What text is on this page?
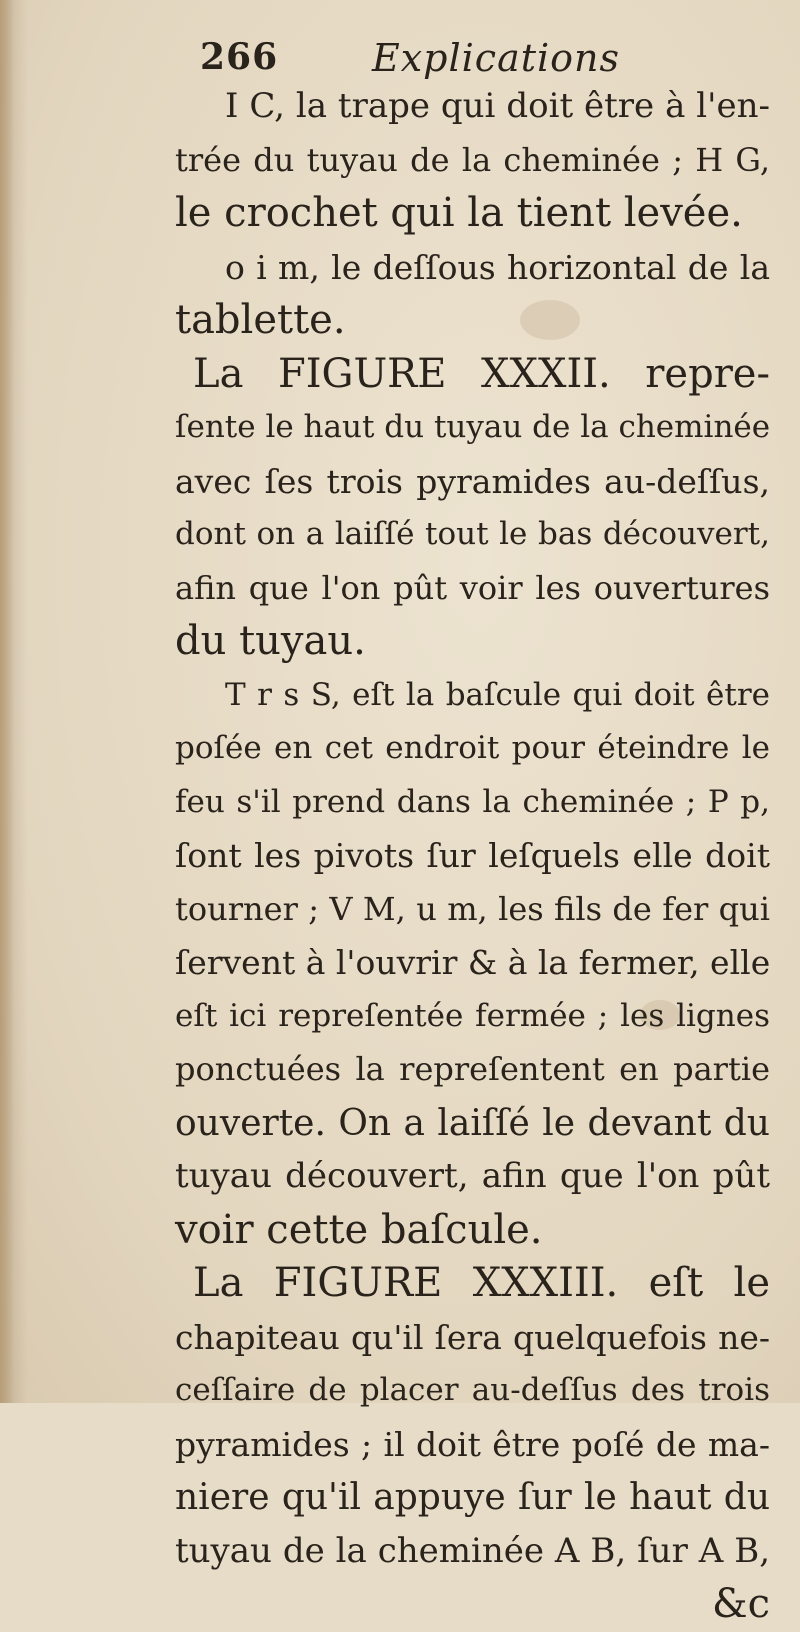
266 Explications
I C, la trape qui doit être à l'en-
trée du tuyau de la cheminée ; H G,
le crochet qui la tient levée.
o i m, le deſſous horizontal de la
tablette.
La FIGURE XXXII. repre-
ſente le haut du tuyau de la cheminée
avec ſes trois pyramides au-deſſus,
dont on a laiſſé tout le bas découvert,
afin que l'on pût voir les ouvertures
du tuyau.
T r s S, eſt la baſcule qui doit être
poſée en cet endroit pour éteindre le
feu s'il prend dans la cheminée ; P p,
ſont les pivots ſur leſquels elle doit
tourner ; V M, u m, les fils de fer qui
ſervent à l'ouvrir & à la fermer, elle
eſt ici repreſentée fermée ; les lignes
ponctuées la repreſentent en partie
ouverte. On a laiſſé le devant du
tuyau découvert, afin que l'on pût
voir cette baſcule.
La FIGURE XXXIII. eſt le
chapiteau qu'il ſera quelquefois ne-
ceſſaire de placer au-deſſus des trois
pyramides ; il doit être poſé de ma-
niere qu'il appuye ſur le haut du
tuyau de la cheminée A B, ſur A B,
&c
